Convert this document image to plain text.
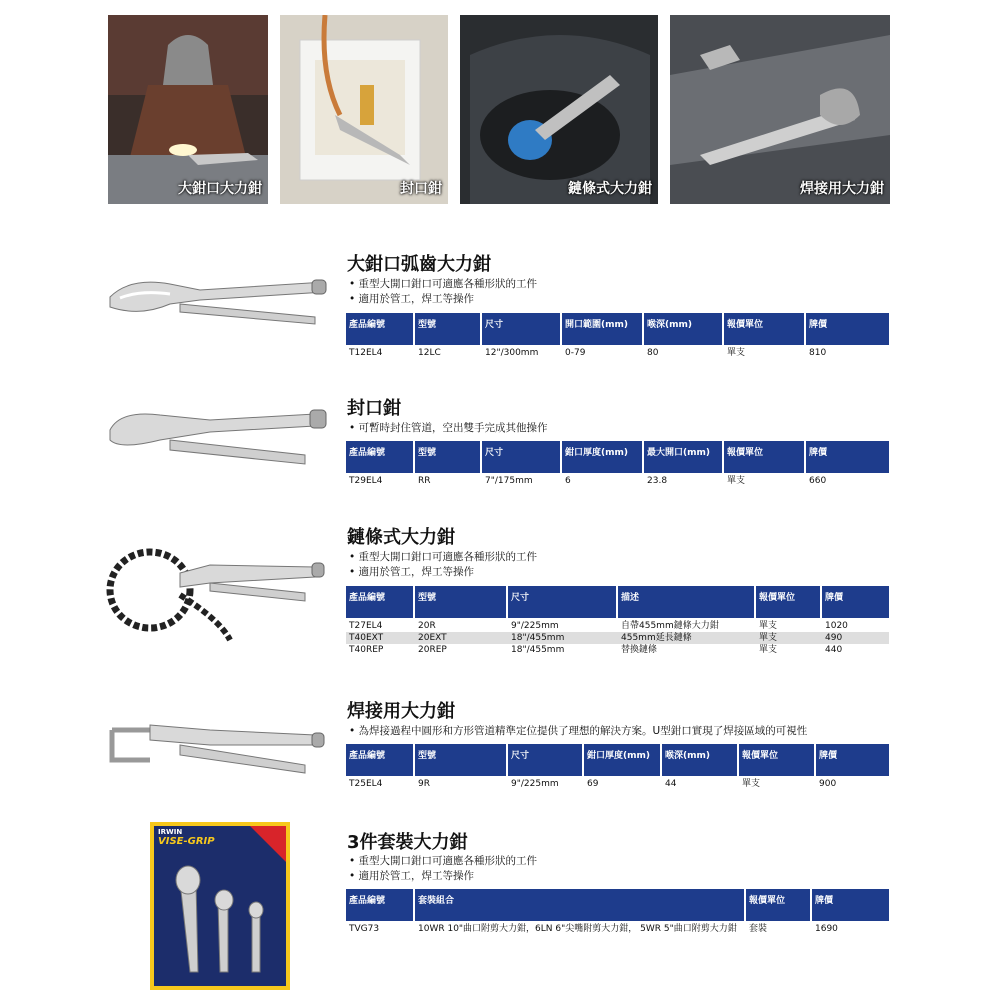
大鉗口大力鉗	封口鉗	鏈條式大力鉗	焊接用大力鉗
大鉗口弧齒大力鉗
• 重型大開口鉗口可適應各種形狀的工件
• 適用於管工，焊工等操作
產品編號	型號	尺寸	開口範圍(mm)	喉深(mm)	報價單位	牌價
T12EL4	12LC	12"/300mm	0-79	80	單支	810
封口鉗
• 可暫時封住管道，空出雙手完成其他操作
產品編號	型號	尺寸	鉗口厚度(mm)	最大開口(mm)	報價單位	牌價
T29EL4	RR	7"/175mm	6	23.8	單支	660
鏈條式大力鉗
• 重型大開口鉗口可適應各種形狀的工件
• 適用於管工，焊工等操作
產品編號	型號	尺寸	描述	報價單位	牌價
T27EL4	20R	9"/225mm	自帶455mm鏈條大力鉗	單支	1020
T40EXT	20EXT	18"/455mm	455mm延長鏈條	單支	490
T40REP	20REP	18"/455mm	替換鏈條	單支	440
焊接用大力鉗
• 為焊接過程中圓形和方形管道精準定位提供了理想的解決方案。U型鉗口實現了焊接區域的可視性
產品編號	型號	尺寸	鉗口厚度(mm)	喉深(mm)	報價單位	牌價
T25EL4	9R	9"/225mm	69	44	單支	900
IRWIN
VISE-GRIP	3件套裝大力鉗
• 重型大開口鉗口可適應各種形狀的工件
• 適用於管工，焊工等操作
產品編號	套裝組合	報價單位	牌價
TVG73	10WR 10"曲口附剪大力鉗，6LN 6"尖嘴附剪大力鉗， 5WR 5"曲口附剪大力鉗	套裝	1690
